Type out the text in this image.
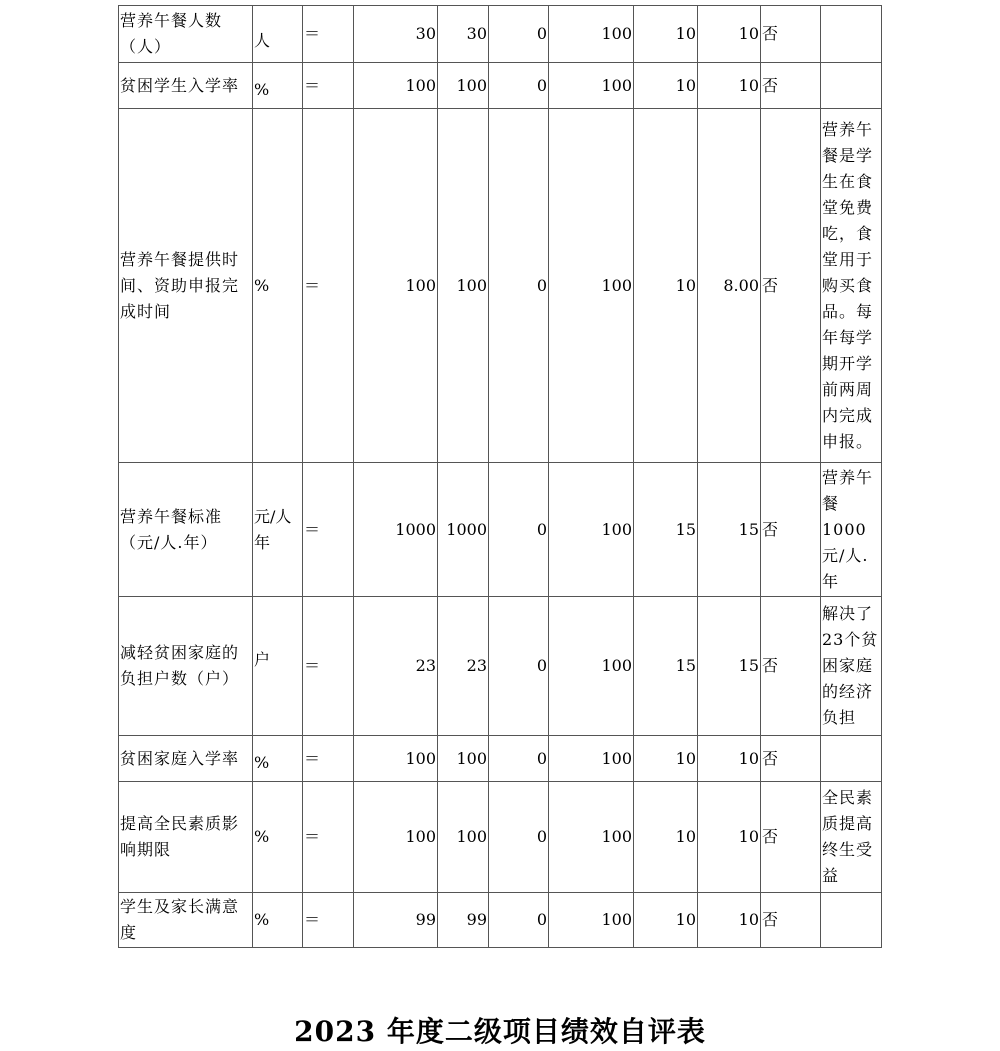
营养午餐人数（人）	人	＝	30	30	0	100	10	10	否	
贫困学生入学率	%	＝	100	100	0	100	10	10	否	
营养午餐提供时间、资助申报完成时间	%	＝	100	100	0	100	10	8.00	否	营养午餐是学生在食堂免费吃，食堂用于购买食品。每年每学期开学前两周内完成申报。
营养午餐标准（元/人.年）	元/人年	＝	1000	1000	0	100	15	15	否	营养午餐1000元/人.年
减轻贫困家庭的负担户数（户）	户	＝	23	23	0	100	15	15	否	解决了23个贫困家庭的经济负担
贫困家庭入学率	%	＝	100	100	0	100	10	10	否	
提高全民素质影响期限	%	＝	100	100	0	100	10	10	否	全民素质提高终生受益
学生及家长满意度	%	＝	99	99	0	100	10	10	否	
2023 年度二级项目绩效自评表
